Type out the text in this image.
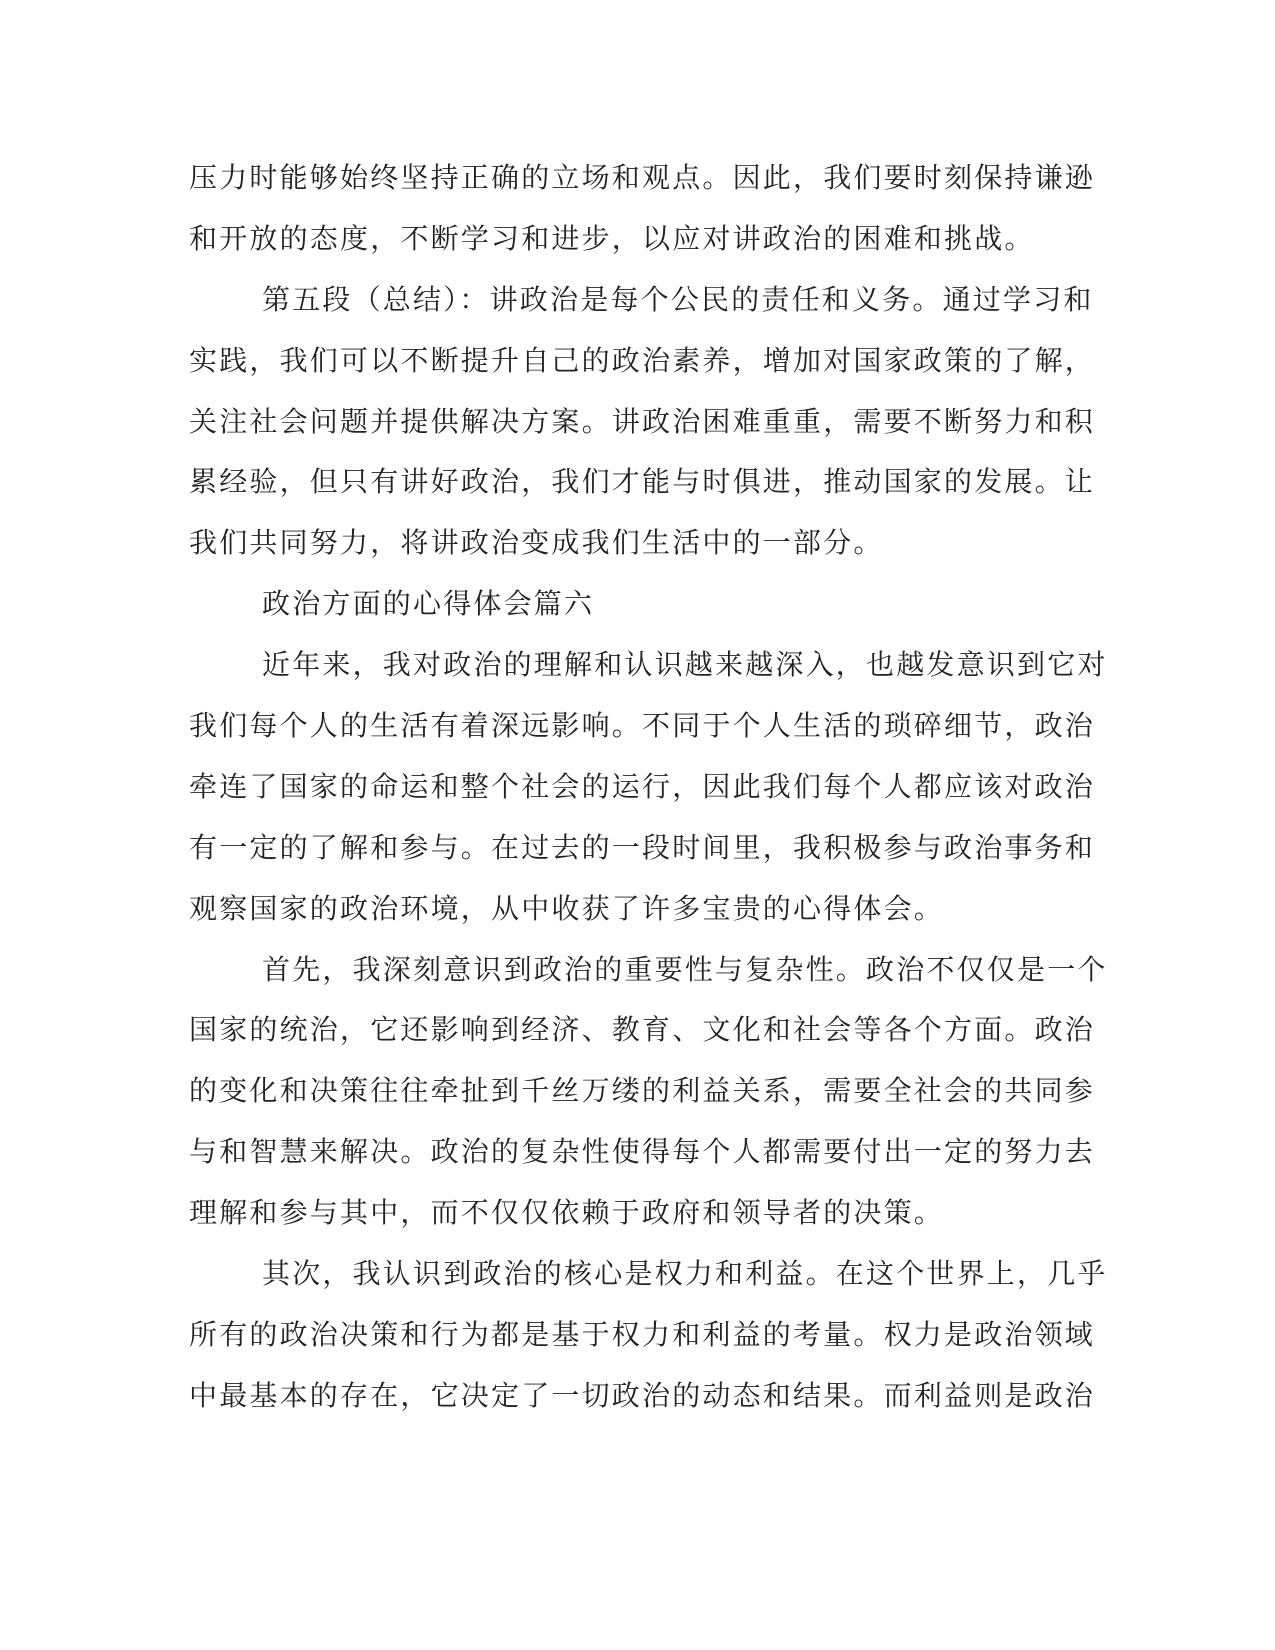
压力时能够始终坚持正确的立场和观点。因此，我们要时刻保持谦逊
和开放的态度，不断学习和进步，以应对讲政治的困难和挑战。
第五段（总结）：讲政治是每个公民的责任和义务。通过学习和
实践，我们可以不断提升自己的政治素养，增加对国家政策的了解，
关注社会问题并提供解决方案。讲政治困难重重，需要不断努力和积
累经验，但只有讲好政治，我们才能与时俱进，推动国家的发展。让
我们共同努力，将讲政治变成我们生活中的一部分。
政治方面的心得体会篇六
近年来，我对政治的理解和认识越来越深入，也越发意识到它对
我们每个人的生活有着深远影响。不同于个人生活的琐碎细节，政治
牵连了国家的命运和整个社会的运行，因此我们每个人都应该对政治
有一定的了解和参与。在过去的一段时间里，我积极参与政治事务和
观察国家的政治环境，从中收获了许多宝贵的心得体会。
首先，我深刻意识到政治的重要性与复杂性。政治不仅仅是一个
国家的统治，它还影响到经济、教育、文化和社会等各个方面。政治
的变化和决策往往牵扯到千丝万缕的利益关系，需要全社会的共同参
与和智慧来解决。政治的复杂性使得每个人都需要付出一定的努力去
理解和参与其中，而不仅仅依赖于政府和领导者的决策。
其次，我认识到政治的核心是权力和利益。在这个世界上，几乎
所有的政治决策和行为都是基于权力和利益的考量。权力是政治领域
中最基本的存在，它决定了一切政治的动态和结果。而利益则是政治
